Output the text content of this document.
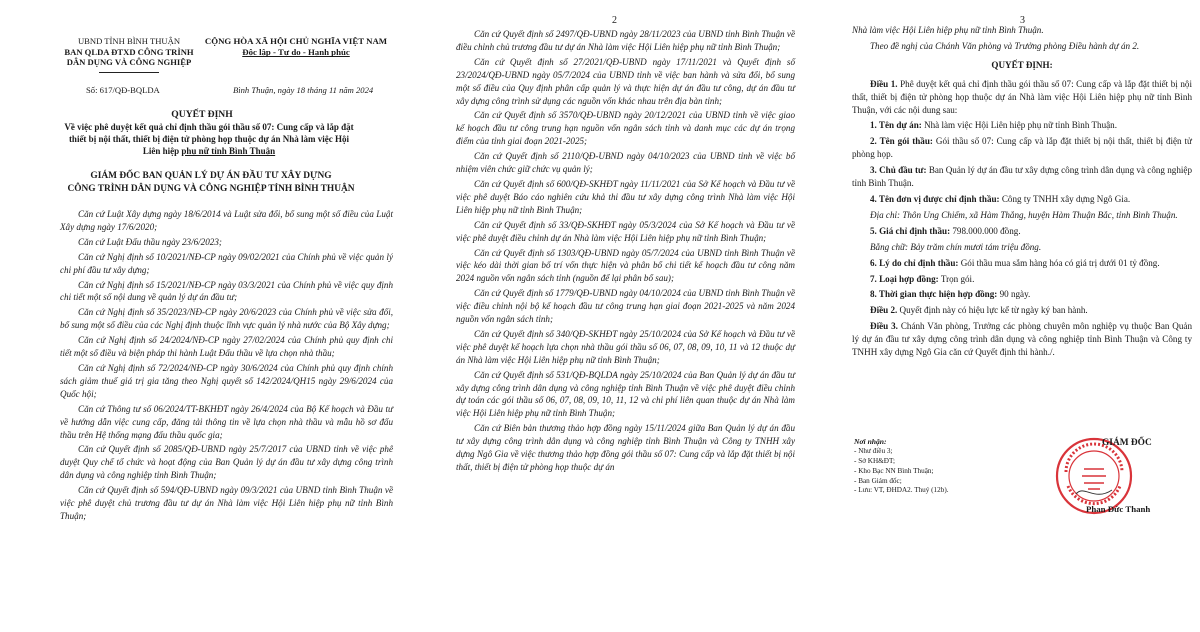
UBND TỈNH BÌNH THUẬN
BAN QLDA ĐTXD CÔNG TRÌNH
DÂN DỤNG VÀ CÔNG NGHIỆP
CỘNG HÒA XÃ HỘI CHỦ NGHĨA VIỆT NAM
Độc lập - Tự do - Hạnh phúc
Số: 617/QĐ-BQLDA	Bình Thuận, ngày 18 tháng 11 năm 2024
QUYẾT ĐỊNH
Về việc phê duyệt kết quả chỉ định thầu gói thầu số 07: Cung cấp và lắp đặt thiết bị nội thất, thiết bị điện tử phòng họp thuộc dự án Nhà làm việc Hội Liên hiệp phụ nữ tỉnh Bình Thuận
GIÁM ĐỐC BAN QUẢN LÝ DỰ ÁN ĐẦU TƯ XÂY DỰNG
CÔNG TRÌNH DÂN DỤNG VÀ CÔNG NGHIỆP TỈNH BÌNH THUẬN

Căn cứ Luật Xây dựng ngày 18/6/2014 và Luật sửa đổi, bổ sung một số điều của Luật Xây dựng ngày 17/6/2020;

Căn cứ Luật Đấu thầu ngày 23/6/2023;

Căn cứ Nghị định số 10/2021/NĐ-CP ngày 09/02/2021 của Chính phủ về việc quản lý chi phí đầu tư xây dựng;

Căn cứ Nghị định số 15/2021/NĐ-CP ngày 03/3/2021 của Chính phủ về việc quy định chi tiết một số nội dung về quản lý dự án đầu tư;

Căn cứ Nghị định số 35/2023/NĐ-CP ngày 20/6/2023 của Chính phủ về việc sửa đổi, bổ sung một số điều của các Nghị định thuộc lĩnh vực quản lý nhà nước của Bộ Xây dựng;

Căn cứ Nghị định số 24/2024/NĐ-CP ngày 27/02/2024 của Chính phủ quy định chi tiết một số điều và biện pháp thi hành Luật Đấu thầu về lựa chọn nhà thầu;

Căn cứ Nghị định số 72/2024/NĐ-CP ngày 30/6/2024 của Chính phủ quy định chính sách giảm thuế giá trị gia tăng theo Nghị quyết số 142/2024/QH15 ngày 29/6/2024 của Quốc hội;

Căn cứ Thông tư số 06/2024/TT-BKHĐT ngày 26/4/2024 của Bộ Kế hoạch và Đầu tư về hướng dẫn việc cung cấp, đăng tải thông tin về lựa chọn nhà thầu và mẫu hồ sơ đấu thầu trên Hệ thống mạng đấu thầu quốc gia;

Căn cứ Quyết định số 2085/QĐ-UBND ngày 25/7/2017 của UBND tỉnh về việc phê duyệt Quy chế tổ chức và hoạt động của Ban Quản lý dự án đầu tư xây dựng công trình dân dụng và công nghiệp tỉnh Bình Thuận;

Căn cứ Quyết định số 594/QĐ-UBND ngày 09/3/2021 của UBND tỉnh Bình Thuận về việc phê duyệt chủ trương đầu tư dự án Nhà làm việc Hội Liên hiệp phụ nữ tỉnh Bình Thuận;

2

Căn cứ Quyết định số 2497/QĐ-UBND ngày 28/11/2023 của UBND tỉnh Bình Thuận về điều chỉnh chủ trương đầu tư dự án Nhà làm việc Hội Liên hiệp phụ nữ tỉnh Bình Thuận;

Căn cứ Quyết định số 27/2021/QĐ-UBND ngày 17/11/2021 và Quyết định số 23/2024/QĐ-UBND ngày 05/7/2024 của UBND tỉnh về việc ban hành và sửa đổi, bổ sung một số điều của Quy định phân cấp quản lý và thực hiện dự án đầu tư công, dự án đầu tư xây dựng công trình sử dụng các nguồn vốn khác nhau trên địa bàn tỉnh;

Căn cứ Quyết định số 3570/QĐ-UBND ngày 20/12/2021 của UBND tỉnh về việc giao kế hoạch đầu tư công trung hạn nguồn vốn ngân sách tỉnh và danh mục các dự án trọng điểm của tỉnh giai đoạn 2021-2025;

Căn cứ Quyết định số 2110/QĐ-UBND ngày 04/10/2023 của UBND tỉnh về việc bổ nhiệm viên chức giữ chức vụ quản lý;

Căn cứ Quyết định số 600/QĐ-SKHĐT ngày 11/11/2021 của Sở Kế hoạch và Đầu tư về việc phê duyệt Báo cáo nghiên cứu khả thi đầu tư xây dựng công trình Nhà làm việc Hội Liên hiệp phụ nữ tỉnh Bình Thuận;

Căn cứ Quyết định số 33/QĐ-SKHĐT ngày 05/3/2024 của Sở Kế hoạch và Đầu tư về việc phê duyệt điều chỉnh dự án Nhà làm việc Hội Liên hiệp phụ nữ tỉnh Bình Thuận;

Căn cứ Quyết định số 1303/QĐ-UBND ngày 05/7/2024 của UBND tỉnh Bình Thuận về việc kéo dài thời gian bố trí vốn thực hiện và phân bổ chi tiết kế hoạch đầu tư công năm 2024 nguồn vốn ngân sách tỉnh (nguồn để lại phân bổ sau);

Căn cứ Quyết định số 1779/QĐ-UBND ngày 04/10/2024 của UBND tỉnh Bình Thuận về việc điều chỉnh nội bộ kế hoạch đầu tư công trung hạn giai đoạn 2021-2025 và năm 2024 nguồn vốn ngân sách tỉnh;

Căn cứ Quyết định số 340/QĐ-SKHĐT ngày 25/10/2024 của Sở Kế hoạch và Đầu tư về việc phê duyệt kế hoạch lựa chọn nhà thầu gói thầu số 06, 07, 08, 09, 10, 11 và 12 thuộc dự án Nhà làm việc Hội Liên hiệp phụ nữ tỉnh Bình Thuận;

Căn cứ Quyết định số 531/QĐ-BQLDA ngày 25/10/2024 của Ban Quản lý dự án đầu tư xây dựng công trình dân dụng và công nghiệp tỉnh Bình Thuận về việc phê duyệt điều chỉnh dự toán các gói thầu số 06, 07, 08, 09, 10, 11, 12 và chi phí liên quan thuộc dự án Nhà làm việc Hội Liên hiệp phụ nữ tỉnh Bình Thuận;

Căn cứ Biên bản thương thảo hợp đồng ngày 15/11/2024 giữa Ban Quản lý dự án đầu tư xây dựng công trình dân dụng và công nghiệp tỉnh Bình Thuận và Công ty TNHH xây dựng Ngô Gia về việc thương thảo hợp đồng gói thầu số 07: Cung cấp và lắp đặt thiết bị nội thất, thiết bị điện tử phòng họp thuộc dự án

3

Nhà làm việc Hội Liên hiệp phụ nữ tỉnh Bình Thuận.

Theo đề nghị của Chánh Văn phòng và Trưởng phòng Điều hành dự án 2.

QUYẾT ĐỊNH:

Điều 1. Phê duyệt kết quả chỉ định thầu gói thầu số 07: Cung cấp và lắp đặt thiết bị nội thất, thiết bị điện tử phòng họp thuộc dự án Nhà làm việc Hội Liên hiệp phụ nữ tỉnh Bình Thuận, với các nội dung sau:

1. Tên dự án: Nhà làm việc Hội Liên hiệp phụ nữ tỉnh Bình Thuận.

2. Tên gói thầu: Gói thầu số 07: Cung cấp và lắp đặt thiết bị nội thất, thiết bị điện tử phòng họp.

3. Chủ đầu tư: Ban Quản lý dự án đầu tư xây dựng công trình dân dụng và công nghiệp tỉnh Bình Thuận.

4. Tên đơn vị được chỉ định thầu: Công ty TNHH xây dựng Ngô Gia.

Địa chỉ: Thôn Ung Chiếm, xã Hàm Thắng, huyện Hàm Thuận Bắc, tỉnh Bình Thuận.

5. Giá chỉ định thầu: 798.000.000 đồng.

Bằng chữ: Bảy trăm chín mươi tám triệu đồng.

6. Lý do chỉ định thầu: Gói thầu mua sắm hàng hóa có giá trị dưới 01 tỷ đồng.

7. Loại hợp đồng: Trọn gói.

8. Thời gian thực hiện hợp đồng: 90 ngày.

Điều 2. Quyết định này có hiệu lực kể từ ngày ký ban hành.

Điều 3. Chánh Văn phòng, Trưởng các phòng chuyên môn nghiệp vụ thuộc Ban Quản lý dự án đầu tư xây dựng công trình dân dụng và công nghiệp tỉnh Bình Thuận và Công ty TNHH xây dựng Ngô Gia căn cứ Quyết định thi hành./.

Nơi nhận:
- Như điều 3;
- Sở KH&ĐT;
- Kho Bạc NN Bình Thuận;
- Ban Giám đốc;
- Lưu: VT, ĐHDA2. Thuý (12b).
GIÁM ĐỐC
Phan Đức Thanh
